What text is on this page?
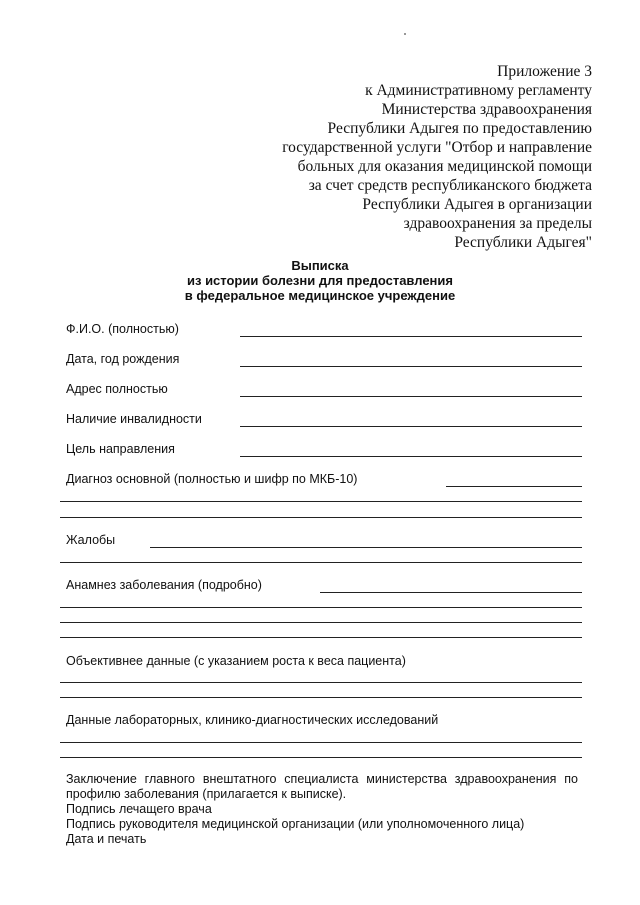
Приложение 3
к Административному регламенту
Министерства здравоохранения
Республики Адыгея по предоставлению
государственной услуги "Отбор и направление
больных для оказания медицинской помощи
за счет средств республиканского бюджета
Республики Адыгея в организации
здравоохранения за пределы
Республики Адыгея"
Выписка
из истории болезни для предоставления
в федеральное медицинское учреждение
Ф.И.О. (полностью)
Дата, год рождения
Адрес полностью
Наличие инвалидности
Цель направления
Диагноз основной (полностью и шифр по МКБ-10)
Жалобы
Анамнез заболевания (подробно)
Объективнее данные (с указанием роста к веса пациента)
Данные лабораторных, клинико-диагностических исследований
Заключение главного внештатного специалиста министерства здравоохранения по
профилю заболевания (прилагается к выписке).
Подпись лечащего врача
Подпись руководителя медицинской организации (или уполномоченного лица)
Дата и печать
